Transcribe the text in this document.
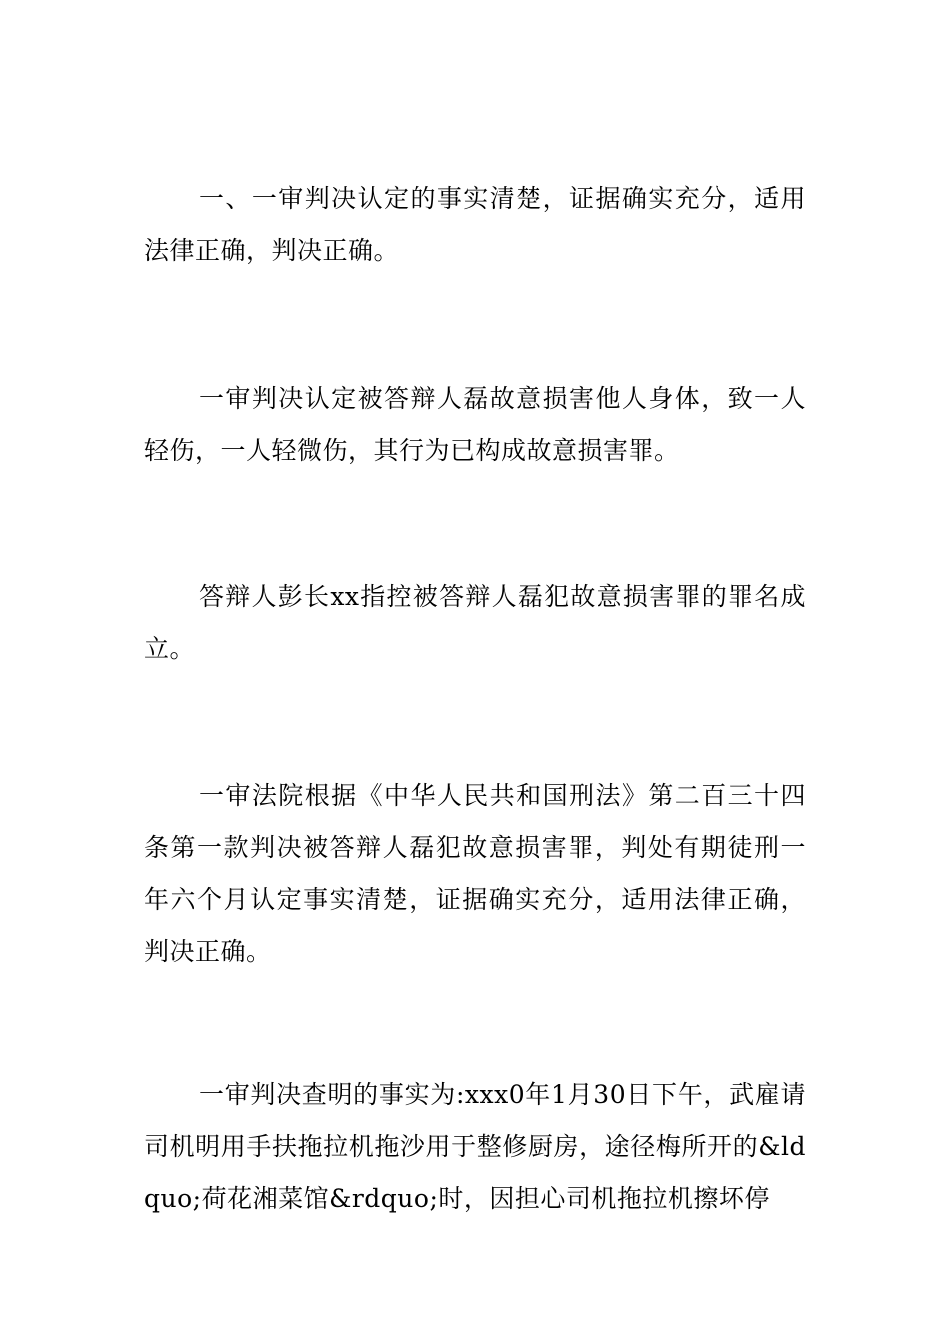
一、一审判决认定的事实清楚，证据确实充分，适用法律正确，判决正确。

一审判决认定被答辩人磊故意损害他人身体，致一人轻伤，一人轻微伤，其行为已构成故意损害罪。

答辩人彭长xx指控被答辩人磊犯故意损害罪的罪名成立。

一审法院根据《中华人民共和国刑法》第二百三十四条第一款判决被答辩人磊犯故意损害罪，判处有期徒刑一年六个月认定事实清楚，证据确实充分，适用法律正确，判决正确。

一审判决查明的事实为:xxx0年1月30日下午，武雇请司机明用手扶拖拉机拖沙用于整修厨房，途径梅所开的&ldquo;荷花湘菜馆&rdquo;时，因担心司机拖拉机擦坏停
